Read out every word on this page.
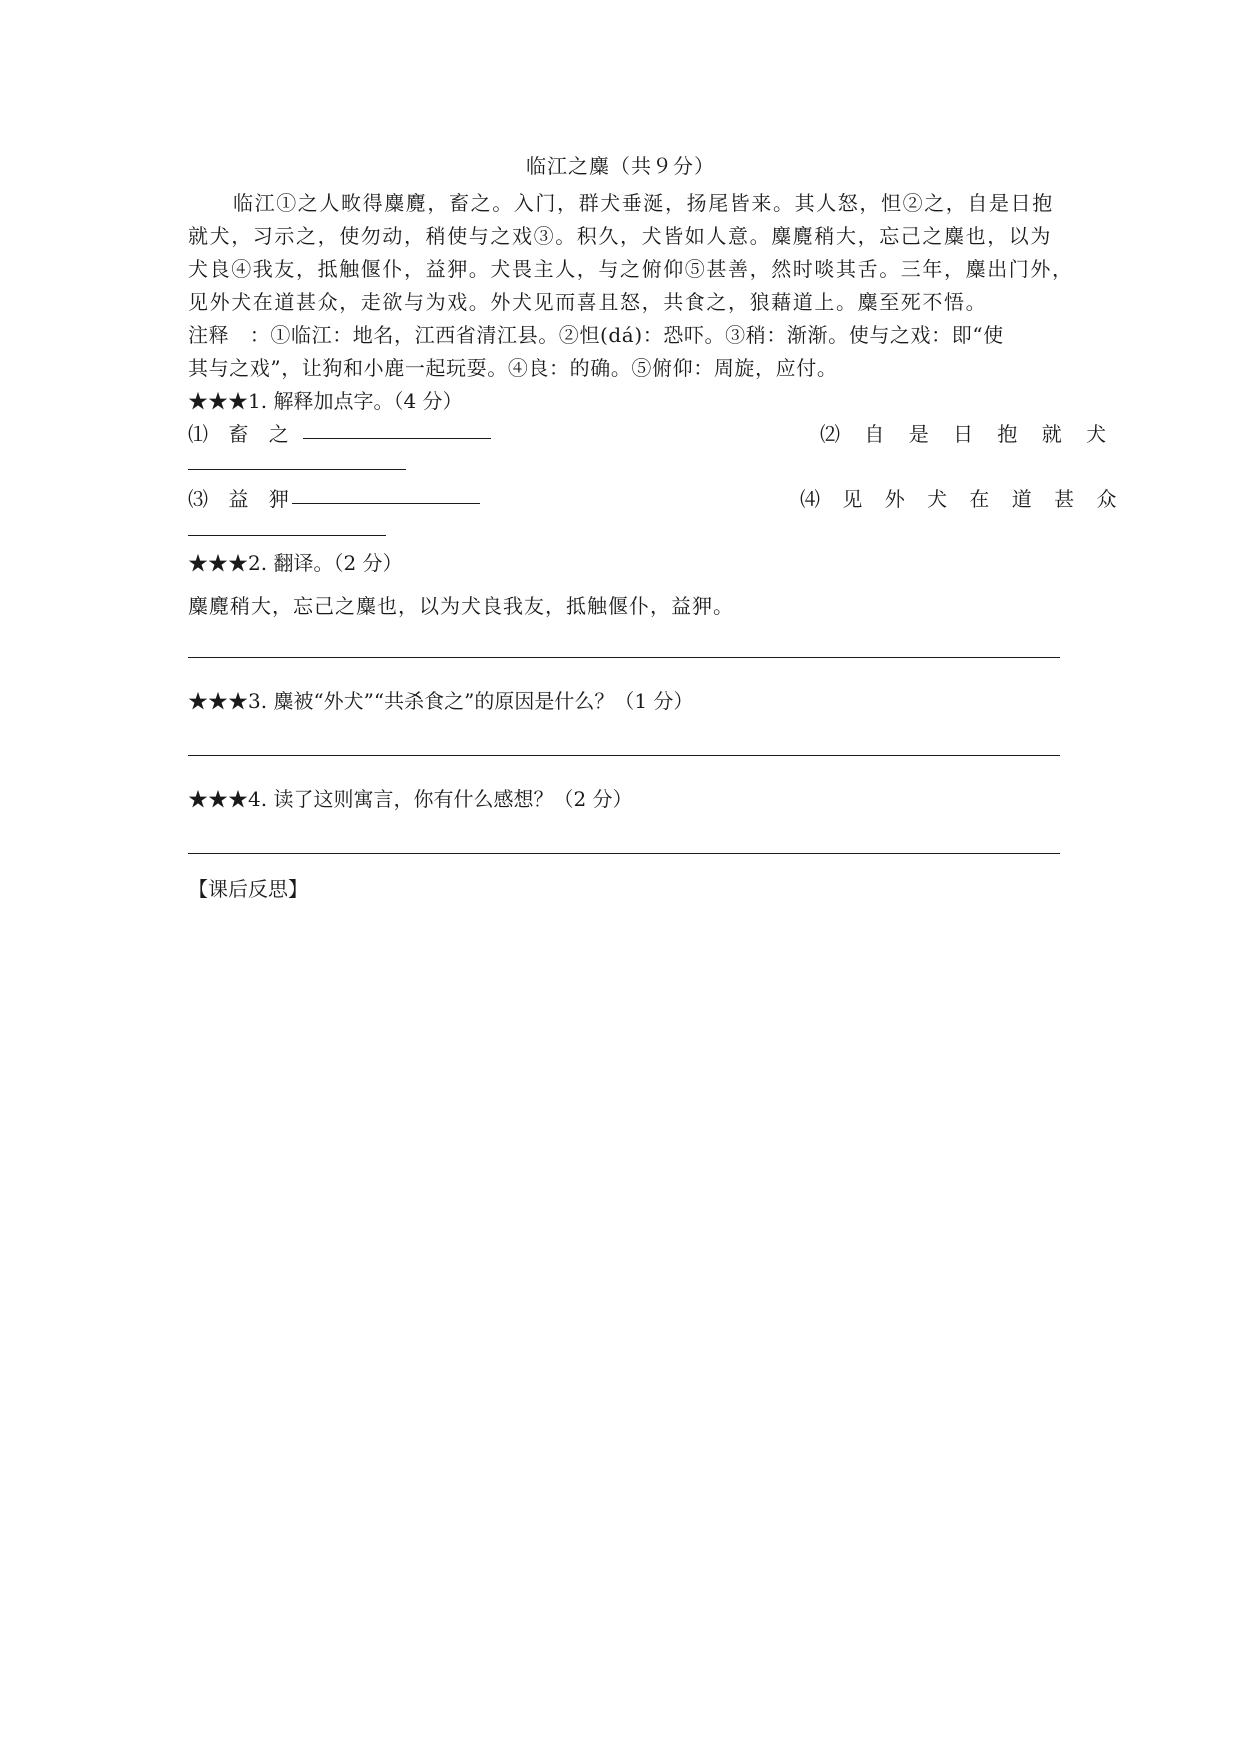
临江之麋（共９分）
临江①之人畋得麋麑，畜之。入门，群犬垂涎，扬尾皆来。其人怒，怛②之，自是日抱
就犬，习示之，使勿动，稍使与之戏③。积久，犬皆如人意。麋麑稍大，忘己之麋也，以为
犬良④我友，抵触偃仆，益狎。犬畏主人，与之俯仰⑤甚善，然时啖其舌。三年，麋出门外，
见外犬在道甚众，走欲与为戏。外犬见而喜且怒，共食之，狼藉道上。麋至死不悟。
注释　：①临江：地名，江西省清江县。②怛(dá)：恐吓。③稍：渐渐。使与之戏：即“使
其与之戏”，让狗和小鹿一起玩耍。④良：的确。⑤俯仰：周旋，应付。
★★★1. 解释加点字。（4 分）
⑴ 畜 之	⑵ 自 是 日 抱 就 犬
⑶ 益 狎	⑷ 见 外 犬 在 道 甚 众
★★★2. 翻译。（2 分）
麋麑稍大，忘己之麋也，以为犬良我友，抵触偃仆，益狎。
★★★3. 麋被“外犬”“共杀食之”的原因是什么？（1 分）
★★★4. 读了这则寓言，你有什么感想？（2 分）
【课后反思】
